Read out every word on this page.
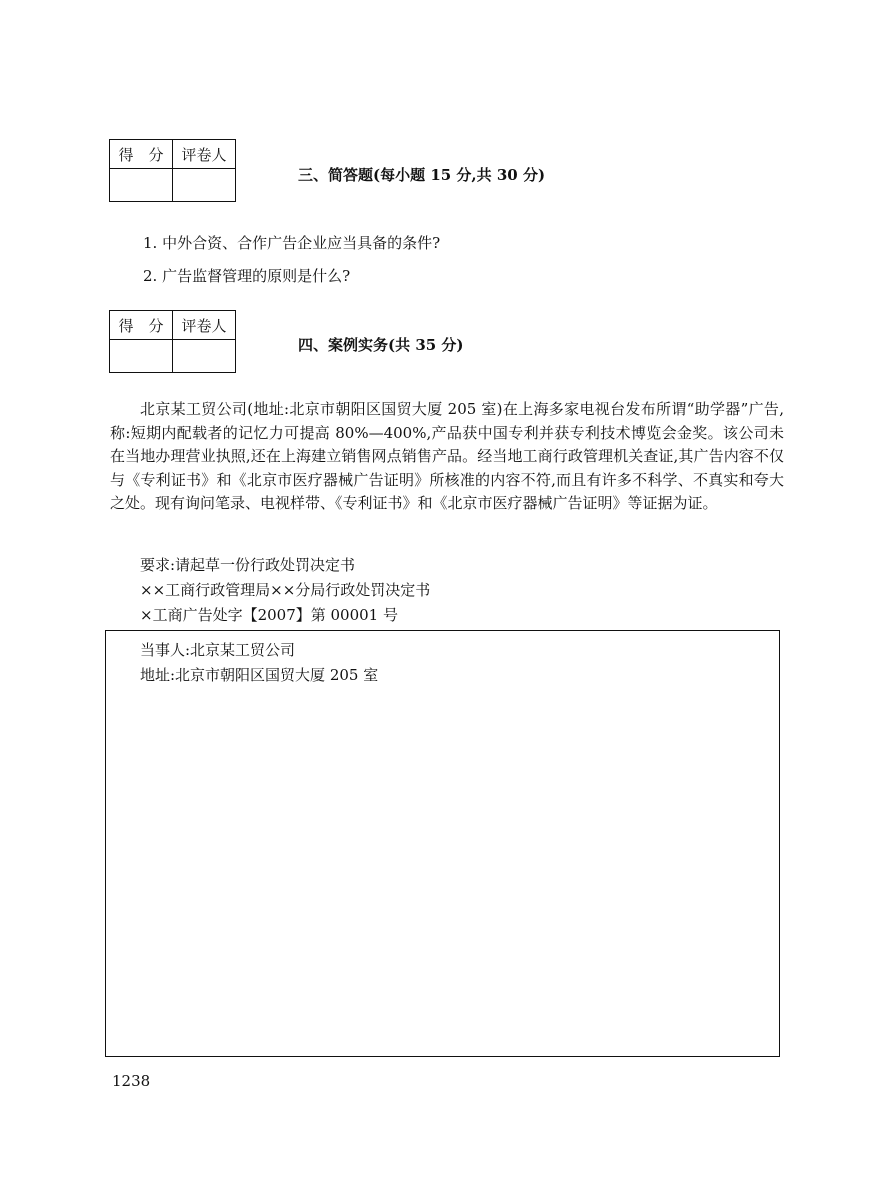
得　分	评卷人

三、简答题(每小题 15 分,共 30 分)
1. 中外合资、合作广告企业应当具备的条件?
2. 广告监督管理的原则是什么?
得　分	评卷人

四、案例实务(共 35 分)
北京某工贸公司(地址:北京市朝阳区国贸大厦 205 室)在上海多家电视台发布所谓“助学器”广告,称:短期内配载者的记忆力可提高 80%—400%,产品获中国专利并获专利技术博览会金奖。该公司未在当地办理营业执照,还在上海建立销售网点销售产品。经当地工商行政管理机关查证,其广告内容不仅与《专利证书》和《北京市医疗器械广告证明》所核准的内容不符,而且有许多不科学、不真实和夸大之处。现有询问笔录、电视样带、《专利证书》和《北京市医疗器械广告证明》等证据为证。
要求:请起草一份行政处罚决定书
××工商行政管理局××分局行政处罚决定书
×工商广告处字【2007】第 00001 号
当事人:北京某工贸公司
地址:北京市朝阳区国贸大厦 205 室
1238
